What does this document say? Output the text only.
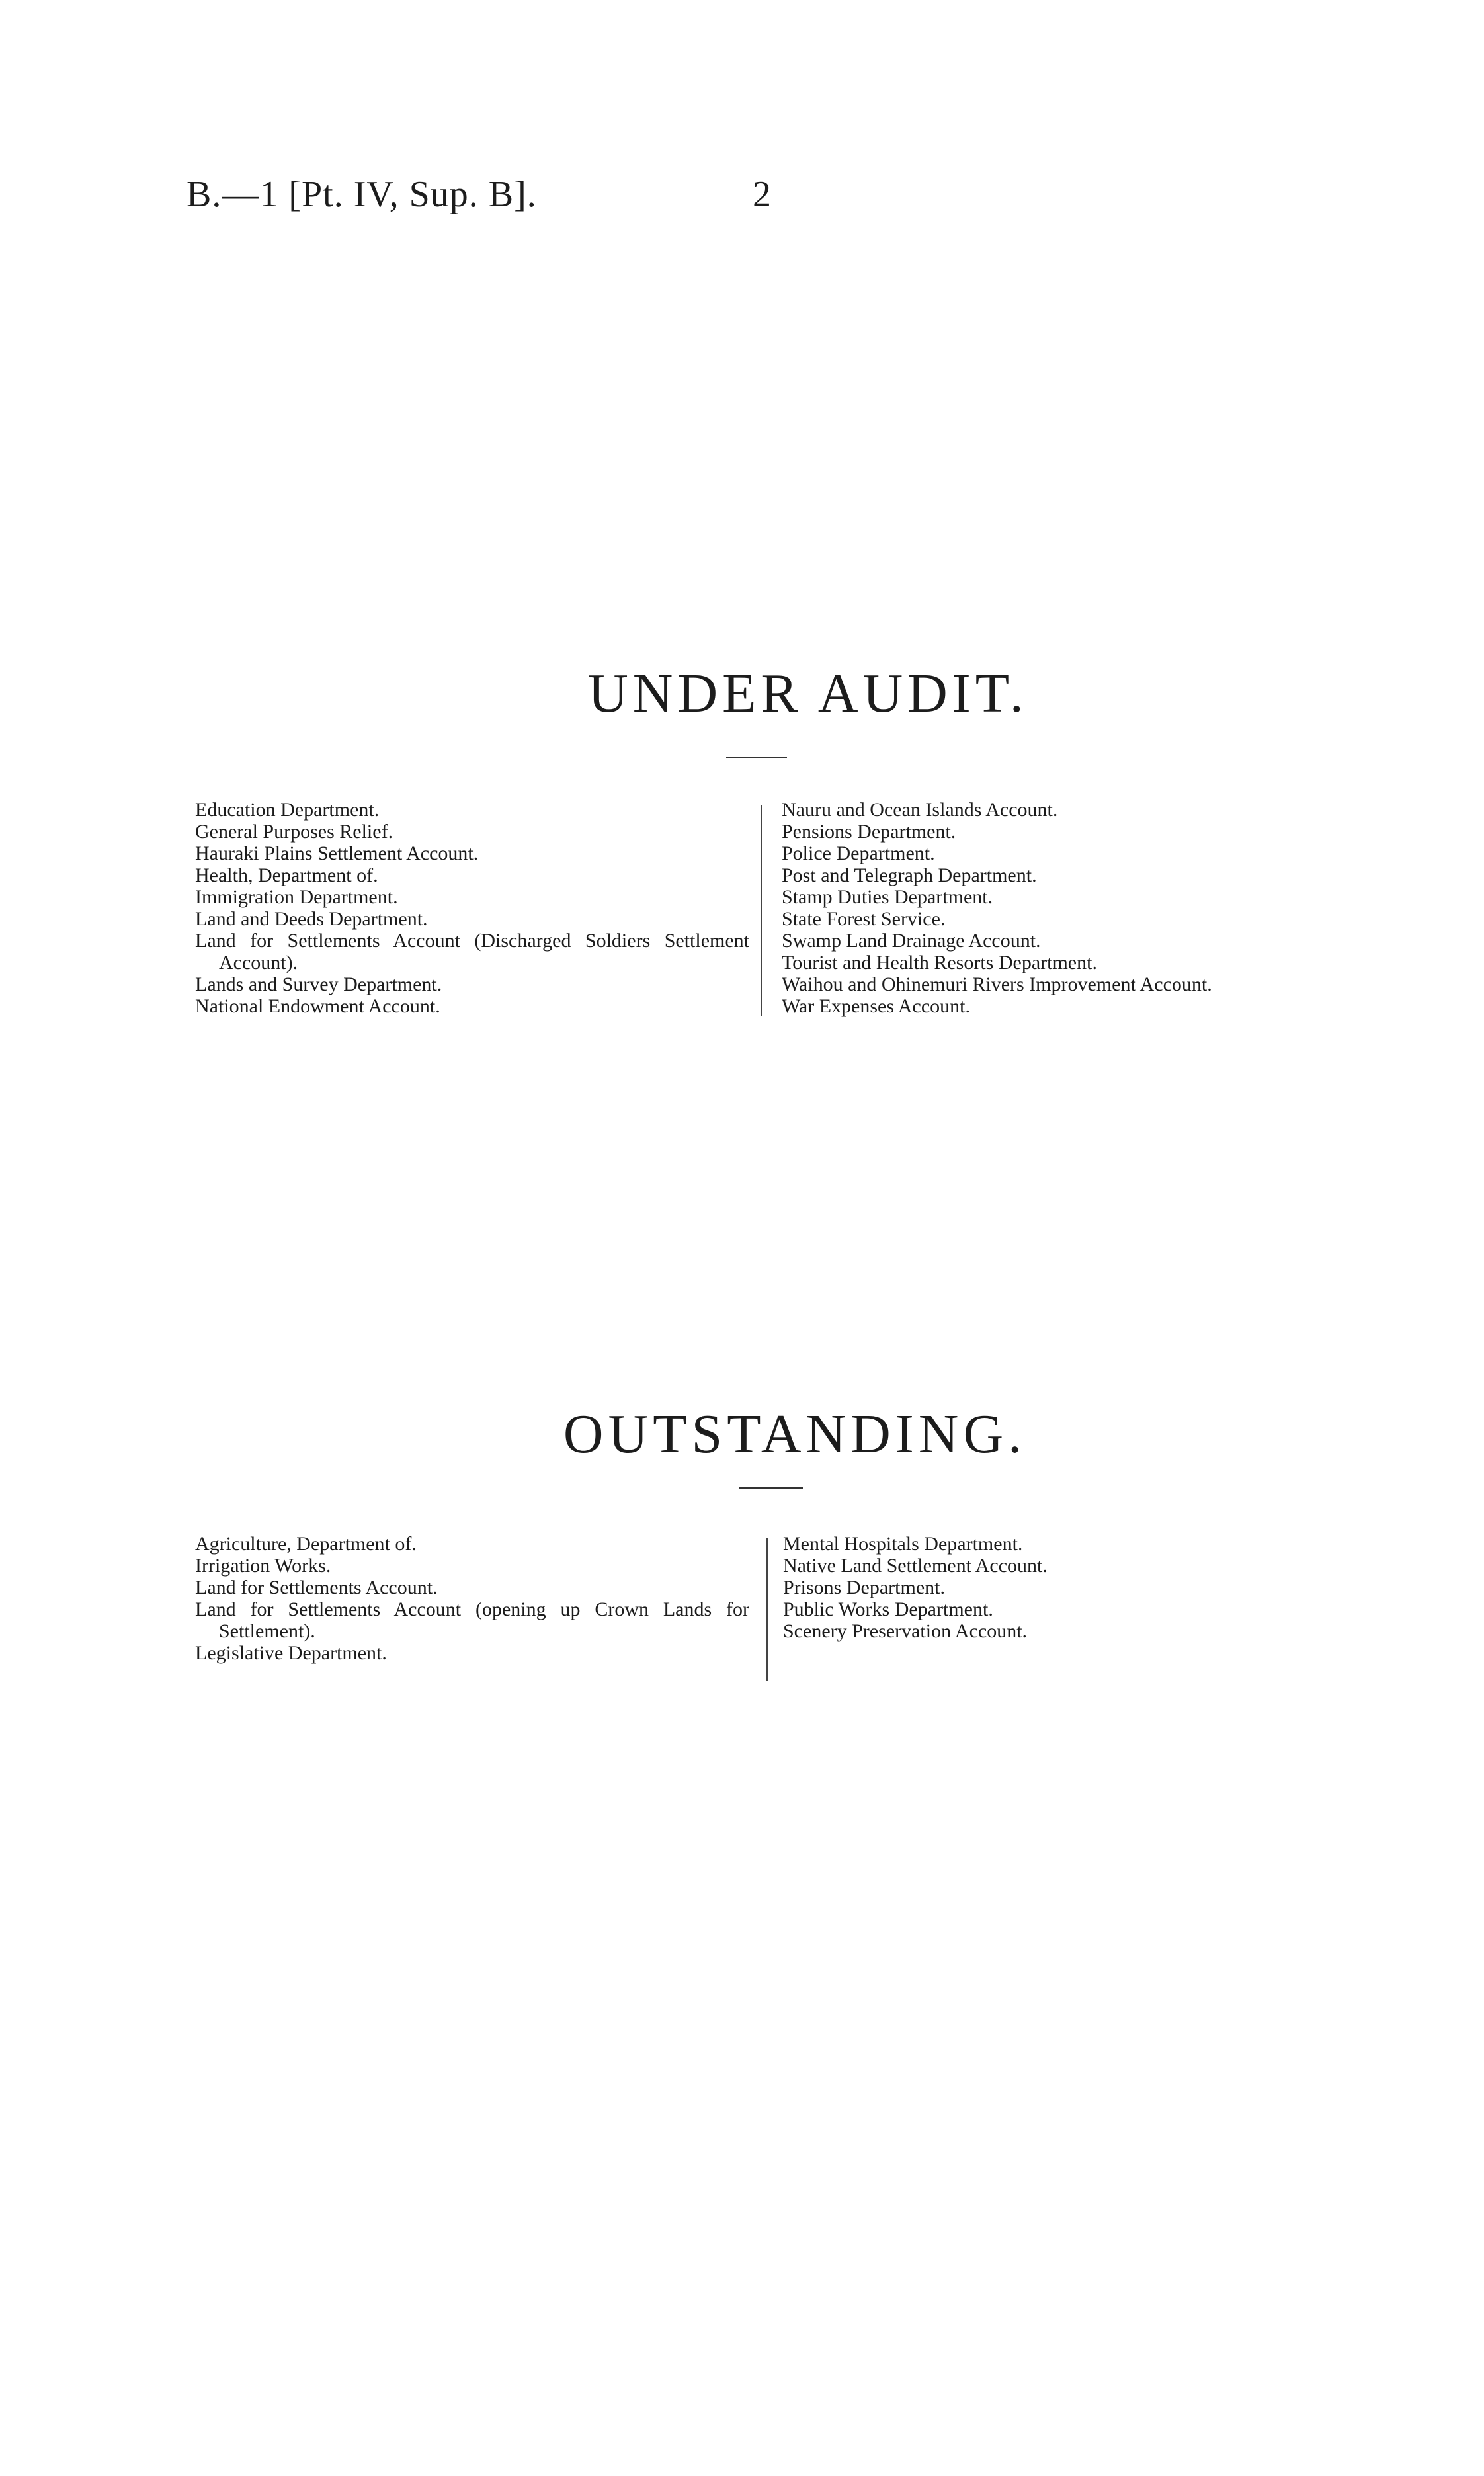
B.—1 [Pt. IV, Sup. B].	2
UNDER AUDIT.
Education Department.
General Purposes Relief.
Hauraki Plains Settlement Account.
Health, Department of.
Immigration Department.
Land and Deeds Department.
Land for Settlements Account (Discharged Soldiers Settlement Account).
Lands and Survey Department.
National Endowment Account.
Nauru and Ocean Islands Account.
Pensions Department.
Police Department.
Post and Telegraph Department.
Stamp Duties Department.
State Forest Service.
Swamp Land Drainage Account.
Tourist and Health Resorts Department.
Waihou and Ohinemuri Rivers Improvement Account.
War Expenses Account.
OUTSTANDING.
Agriculture, Department of.
Irrigation Works.
Land for Settlements Account.
Land for Settlements Account (opening up Crown Lands for Settlement).
Legislative Department.
Mental Hospitals Department.
Native Land Settlement Account.
Prisons Department.
Public Works Department.
Scenery Preservation Account.
